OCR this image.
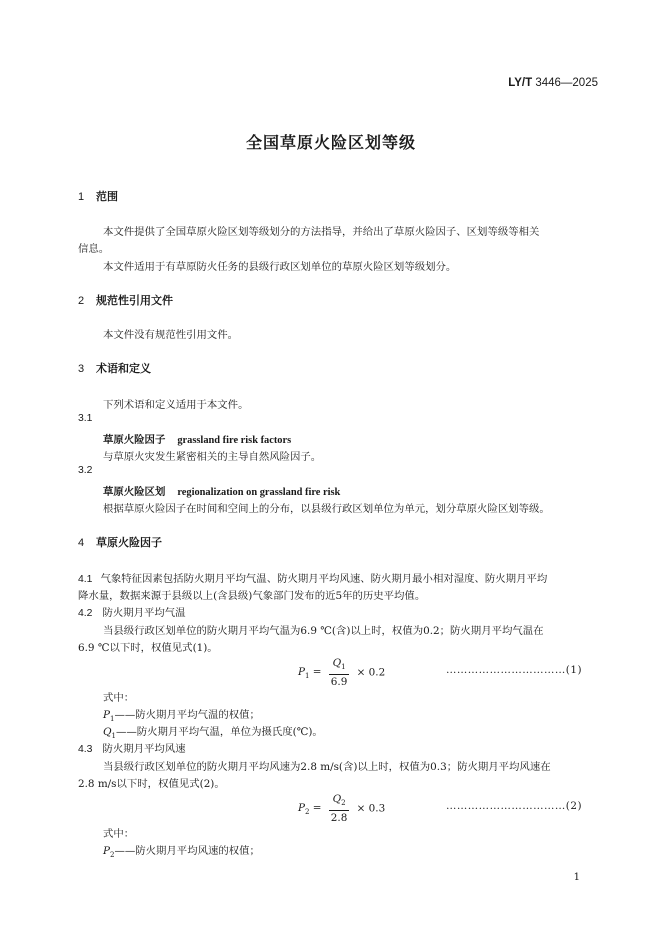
LY/T 3446—2025
全国草原火险区划等级
1 范围
本文件提供了全国草原火险区划等级划分的方法指导，并给出了草原火险因子、区划等级等相关
信息。
本文件适用于有草原防火任务的县级行政区划单位的草原火险区划等级划分。
2 规范性引用文件
本文件没有规范性引用文件。
3 术语和定义
下列术语和定义适用于本文件。
3.1
草原火险因子 grassland fire risk factors
与草原火灾发生紧密相关的主导自然风险因子。
3.2
草原火险区划 regionalization on grassland fire risk
根据草原火险因子在时间和空间上的分布，以县级行政区划单位为单元，划分草原火险区划等级。
4 草原火险因子
4.1 气象特征因素包括防火期月平均气温、防火期月平均风速、防火期月最小相对湿度、防火期月平均
降水量，数据来源于县级以上(含县级)气象部门发布的近5年的历史平均值。
4.2 防火期月平均气温
当县级行政区划单位的防火期月平均气温为6.9 ℃(含)以上时，权值为0.2；防火期月平均气温在
6.9 ℃以下时，权值见式(1)。
$P_1 = \frac{Q_1}{6.9} \times 0.2$	……………………………(1)
式中：
$P_1——$防火期月平均气温的权值；
$Q_1——$防火期月平均气温，单位为摄氏度(℃)。
4.3 防火期月平均风速
当县级行政区划单位的防火期月平均风速为2.8 m/s(含)以上时，权值为0.3；防火期月平均风速在
2.8 m/s以下时，权值见式(2)。
$P_2 = \frac{Q_2}{2.8} \times 0.3$	……………………………(2)
式中：
$P_2——$防火期月平均风速的权值；
1
